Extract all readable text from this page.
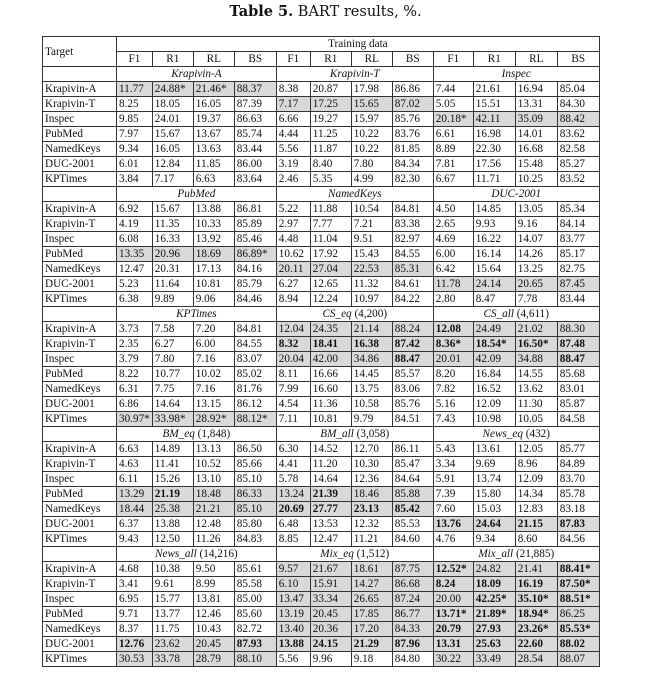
Table 5. BART results, %.
Target	Training data											
	F1	R1	RL	BS	F1	R1	RL	BS	F1	R1	RL	BS
	Krapivin-A				Krapivin-T				Inspec			
Krapivin-A	11.77	24.88*	21.46*	88.37	8.38	20.87	17.98	86.86	7.44	21.61	16.94	85.04
Krapivin-T	8.25	18.05	16.05	87.39	7.17	17.25	15.65	87.02	5.05	15.51	13.31	84.30
Inspec	9.85	24.01	19.37	86.63	6.66	19.27	15.97	85.76	20.18*	42.11	35.09	88.42
PubMed	7.97	15.67	13.67	85.74	4.44	11.25	10.22	83.76	6.61	16.98	14.01	83.62
NamedKeys	9.34	16.05	13.63	83.44	5.56	11.87	10.22	81.85	8.89	22.30	16.68	82.58
DUC-2001	6.01	12.84	11.85	86.00	3.19	8.40	7.80	84.34	7.81	17.56	15.48	85.27
KPTimes	3.84	7.17	6.63	83.64	2.46	5.35	4.99	82.30	6.67	11.71	10.25	83.52
	PubMed				NamedKeys				DUC-2001			
Krapivin-A	6.92	15.67	13.88	86.81	5.22	11.88	10.54	84.81	4.50	14.85	13.05	85.34
Krapivin-T	4.19	11.35	10.33	85.89	2.97	7.77	7.21	83.38	2.65	9.93	9.16	84.14
Inspec	6.08	16.33	13.92	85.46	4.48	11.04	9.51	82.97	4.69	16.22	14.07	83.77
PubMed	13.35	20.96	18.69	86.89*	10.62	17.92	15.43	84.55	6.00	16.14	14.26	85.17
NamedKeys	12.47	20.31	17.13	84.16	20.11	27.04	22.53	85.31	6.42	15.64	13.25	82.75
DUC-2001	5.23	11.64	10.81	85.79	6.27	12.65	11.32	84.61	11.78	24.14	20.65	87.45
KPTimes	6.38	9.89	9.06	84.46	8.94	12.24	10.97	84.22	2.80	8.47	7.78	83.44
	KPTimes				CS_eq (4,200)				CS_all (4,611)			
Krapivin-A	3.73	7.58	7.20	84.81	12.04	24.35	21.14	88.24	12.08	24.49	21.02	88.30
Krapivin-T	2.35	6.27	6.00	84.55	8.32	18.41	16.38	87.42	8.36*	18.54*	16.50*	87.48
Inspec	3.79	7.80	7.16	83.07	20.04	42.00	34.86	88.47	20.01	42.09	34.88	88.47
PubMed	8.22	10.77	10.02	85.02	8.11	16.66	14.45	85.57	8.20	16.84	14.55	85.68
NamedKeys	6.31	7.75	7.16	81.76	7.99	16.60	13.75	83.06	7.82	16.52	13.62	83.01
DUC-2001	6.86	14.64	13.15	86.12	4.54	11.36	10.58	85.76	5.16	12.09	11.30	85.87
KPTimes	30.97*	33.98*	28.92*	88.12*	7.11	10.81	9.79	84.51	7.43	10.98	10.05	84.58
	BM_eq (1,848)				BM_all (3,058)				News_eq (432)			
Krapivin-A	6.63	14.89	13.13	86.50	6.30	14.52	12.70	86.11	5.43	13.61	12.05	85.77
Krapivin-T	4.63	11.41	10.52	85.66	4.41	11.20	10.30	85.47	3.34	9.69	8.96	84.89
Inspec	6.11	15.26	13.10	85.10	5.78	14.64	12.36	84.64	5.91	13.74	12.09	83.70
PubMed	13.29	21.19	18.48	86.33	13.24	21.39	18.46	85.88	7.39	15.80	14.34	85.78
NamedKeys	18.44	25.38	21.21	85.10	20.69	27.77	23.13	85.42	7.60	15.03	12.83	83.18
DUC-2001	6.37	13.88	12.48	85.80	6.48	13.53	12.32	85.53	13.76	24.64	21.15	87.83
KPTimes	9.43	12.50	11.26	84.83	8.85	12.47	11.21	84.60	4.76	9.34	8.60	84.56
	News_all (14,216)				Mix_eq (1,512)				Mix_all (21,885)			
Krapivin-A	4.68	10.38	9.50	85.61	9.57	21.67	18.61	87.75	12.52*	24.82	21.41	88.41*
Krapivin-T	3.41	9.61	8.99	85.58	6.10	15.91	14.27	86.68	8.24	18.09	16.19	87.50*
Inspec	6.95	15.77	13.81	85.00	13.47	33.34	26.65	87.24	20.00	42.25*	35.10*	88.51*
PubMed	9.71	13.77	12.46	85.60	13.19	20.45	17.85	86.77	13.71*	21.89*	18.94*	86.25
NamedKeys	8.37	11.75	10.43	82.72	13.40	20.36	17.20	84.33	20.79	27.93	23.26*	85.53*
DUC-2001	12.76	23.62	20.45	87.93	13.88	24.15	21.29	87.96	13.31	25.63	22.60	88.02
KPTimes	30.53	33.78	28.79	88.10	5.56	9.96	9.18	84.80	30.22	33.49	28.54	88.07
